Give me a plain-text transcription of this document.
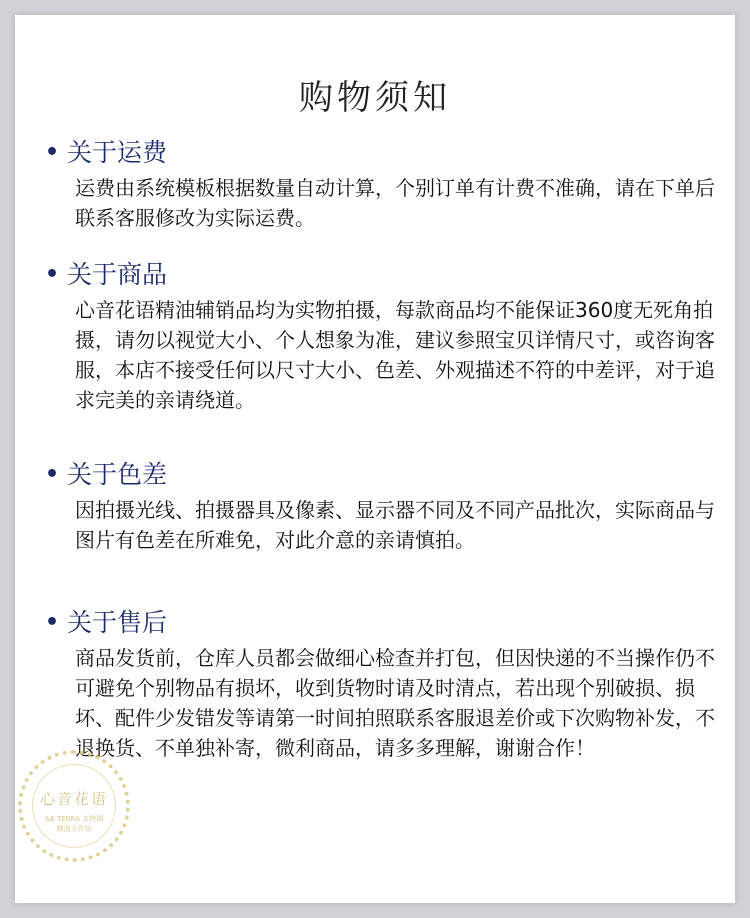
购物须知
• 关于运费
运费由系统模板根据数量自动计算，个别订单有计费不准确，请在下单后联系客服修改为实际运费。
• 关于商品
心音花语精油辅销品均为实物拍摄，每款商品均不能保证360度无死角拍摄，请勿以视觉大小、个人想象为准，建议参照宝贝详情尺寸，或咨询客服，本店不接受任何以尺寸大小、色差、外观描述不符的中差评，对于追求完美的亲请绕道。
• 关于色差
因拍摄光线、拍摄器具及像素、显示器不同及不同产品批次，实际商品与图片有色差在所难免，对此介意的亲请慎拍。
• 关于售后
商品发货前，仓库人员都会做细心检查并打包，但因快递的不当操作仍不可避免个别物品有损坏，收到货物时请及时清点，若出现个别破损、损坏、配件少发错发等请第一时间拍照联系客服退差价或下次购物补发，不退换货、不单独补寄，微利商品，请多多理解，谢谢合作！
心音花语
&6 TERRA 多特瑞
精油手作馆
